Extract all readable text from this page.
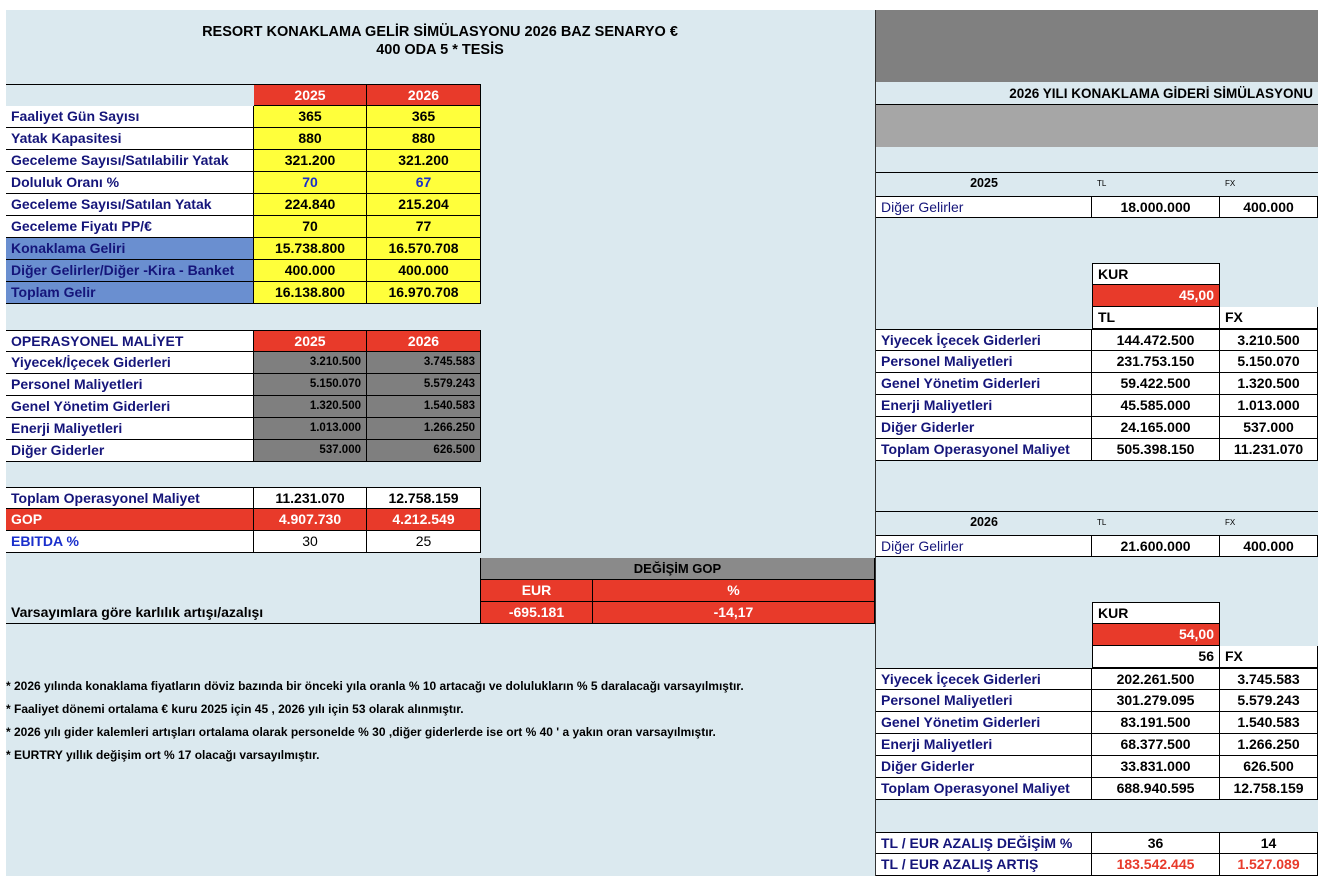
RESORT KONAKLAMA GELİR SİMÜLASYONU 2026 BAZ SENARYO €
400 ODA 5 * TESİS
2025	2026
Faaliyet Gün Sayısı	365	365
Yatak Kapasitesi	880	880
Geceleme Sayısı/Satılabilir Yatak	321.200	321.200
Doluluk Oranı %	70	67
Geceleme Sayısı/Satılan Yatak	224.840	215.204
Geceleme Fiyatı PP/€	70	77
Konaklama Geliri	15.738.800	16.570.708
Diğer Gelirler/Diğer -Kira - Banket	400.000	400.000
Toplam Gelir	16.138.800	16.970.708
OPERASYONEL MALİYET	2025	2026
Yiyecek/İçecek Giderleri	3.210.500	3.745.583
Personel Maliyetleri	5.150.070	5.579.243
Genel Yönetim Giderleri	1.320.500	1.540.583
Enerji Maliyetleri	1.013.000	1.266.250
Diğer Giderler	537.000	626.500
Toplam Operasyonel Maliyet	11.231.070	12.758.159
GOP	4.907.730	4.212.549
EBITDA %	30	25
DEĞİŞİM GOP
EUR	%
Varsayımlara göre karlılık artışı/azalışı	-695.181	-14,17
* 2026 yılında konaklama fiyatların döviz bazında bir önceki yıla oranla % 10 artacağı ve dolulukların % 5 daralacağı varsayılmıştır.
* Faaliyet dönemi ortalama € kuru 2025 için 45 , 2026 yılı için 53 olarak alınmıştır.
* 2026 yılı gider kalemleri artışları ortalama olarak personelde % 30 ,diğer giderlerde ise ort % 40 ' a yakın oran varsayılmıştır.
* EURTRY yıllık değişim ort % 17 olacağı varsayılmıştır.
2026 YILI KONAKLAMA GİDERİ SİMÜLASYONU
2025	TL	FX
Diğer Gelirler	18.000.000	400.000
KUR
45,00
TL	FX
Yiyecek İçecek Giderleri	144.472.500	3.210.500
Personel Maliyetleri	231.753.150	5.150.070
Genel Yönetim Giderleri	59.422.500	1.320.500
Enerji Maliyetleri	45.585.000	1.013.000
Diğer Giderler	24.165.000	537.000
Toplam Operasyonel Maliyet	505.398.150	11.231.070
2026	TL	FX
Diğer Gelirler	21.600.000	400.000
KUR
54,00
56 FX
Yiyecek İçecek Giderleri	202.261.500	3.745.583
Personel Maliyetleri	301.279.095	5.579.243
Genel Yönetim Giderleri	83.191.500	1.540.583
Enerji Maliyetleri	68.377.500	1.266.250
Diğer Giderler	33.831.000	626.500
Toplam Operasyonel Maliyet	688.940.595	12.758.159
TL / EUR AZALIŞ DEĞİŞİM %	36	14
TL / EUR AZALIŞ ARTIŞ	183.542.445	1.527.089
